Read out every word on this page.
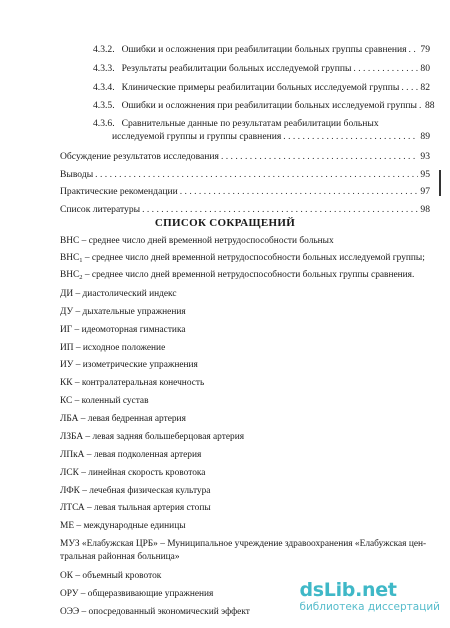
4.3.2. Ошибки и осложнения при реабилитации больных группы сравнения . . . 79
4.3.3. Результаты реабилитации больных исследуемой группы . . .	80
4.3.4. Клинические примеры реабилитации больных исследуемой группы . . . 82
4.3.5. Ошибки и осложнения при реабилитации больных исследуемой группы . . . 88
4.3.6. Сравнительные данные по результатам реабилитации больных
исследуемой группы и группы сравнения . . .	89
Обсуждение результатов исследования . . .	93
Выводы . . .	95
Практические рекомендации . . .	97
Список литературы . . .	98
СПИСОК СОКРАЩЕНИЙ
ВНС – среднее число дней временной нетрудоспособности больных
$ВНС_1$ – среднее число дней временной нетрудоспособности больных исследуемой группы;
$ВНС_2$ – среднее число дней временной нетрудоспособности больных группы сравнения.
ДИ – диастолический индекс
ДУ – дыхательные упражнения
ИГ – идеомоторная гимнастика
ИП – исходное положение
ИУ – изометрические упражнения
КК – контралатеральная конечность
КС – коленный сустав
ЛБА – левая бедренная артерия
ЛЗБА – левая задняя большеберцовая артерия
ЛПкА – левая подколенная артерия
ЛСК – линейная скорость кровотока
ЛФК – лечебная физическая культура
ЛТСА – левая тыльная артерия стопы
МЕ – международные единицы
МУЗ «Елабужская ЦРБ» – Муниципальное учреждение здравоохранения «Елабужская цен-
тральная районная больница»
ОК – объемный кровоток
ОРУ – общеразвивающие упражнения
ОЭЭ – опосредованный экономический эффект
dsLib.net
библиотека диссертаций
